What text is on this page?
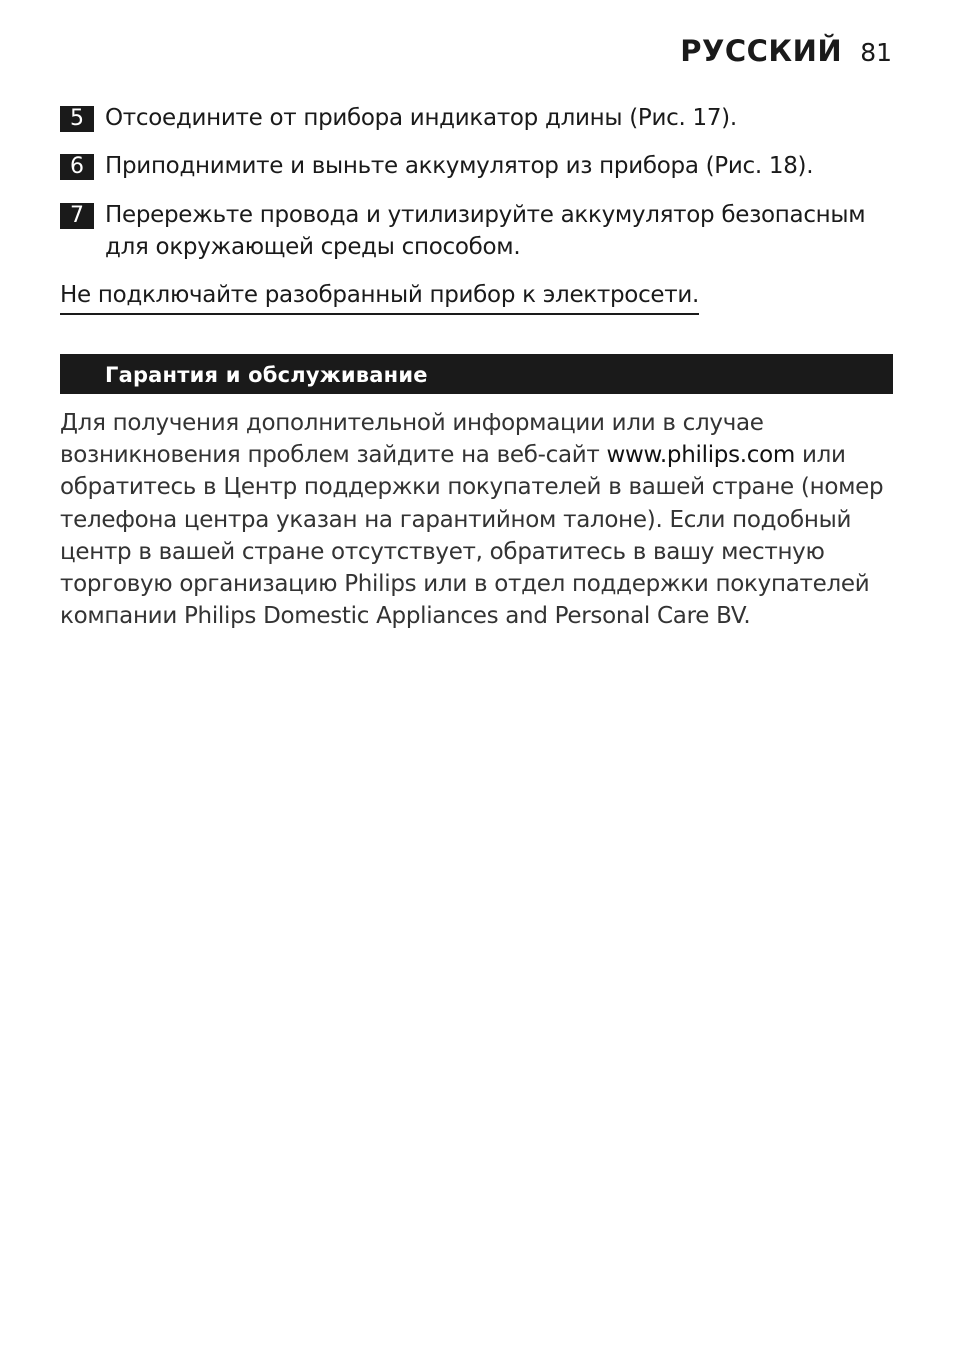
РУССКИЙ 81
5 Отсоедините от прибора индикатор длины (Рис. 17).
6 Приподнимите и выньте аккумулятор из прибора (Рис. 18).
7 Перережьте провода и утилизируйте аккумулятор безопасным
для окружающей среды способом.
Не подключайте разобранный прибор к электросети.
Гарантия и обслуживание
Для получения дополнительной информации или в случае
возникновения проблем зайдите на веб-сайт www.philips.com или
обратитесь в Центр поддержки покупателей в вашей стране (номер
телефона центра указан на гарантийном талоне). Если подобный
центр в вашей стране отсутствует, обратитесь в вашу местную
торговую организацию Philips или в отдел поддержки покупателей
компании Philips Domestic Appliances and Personal Care BV.
